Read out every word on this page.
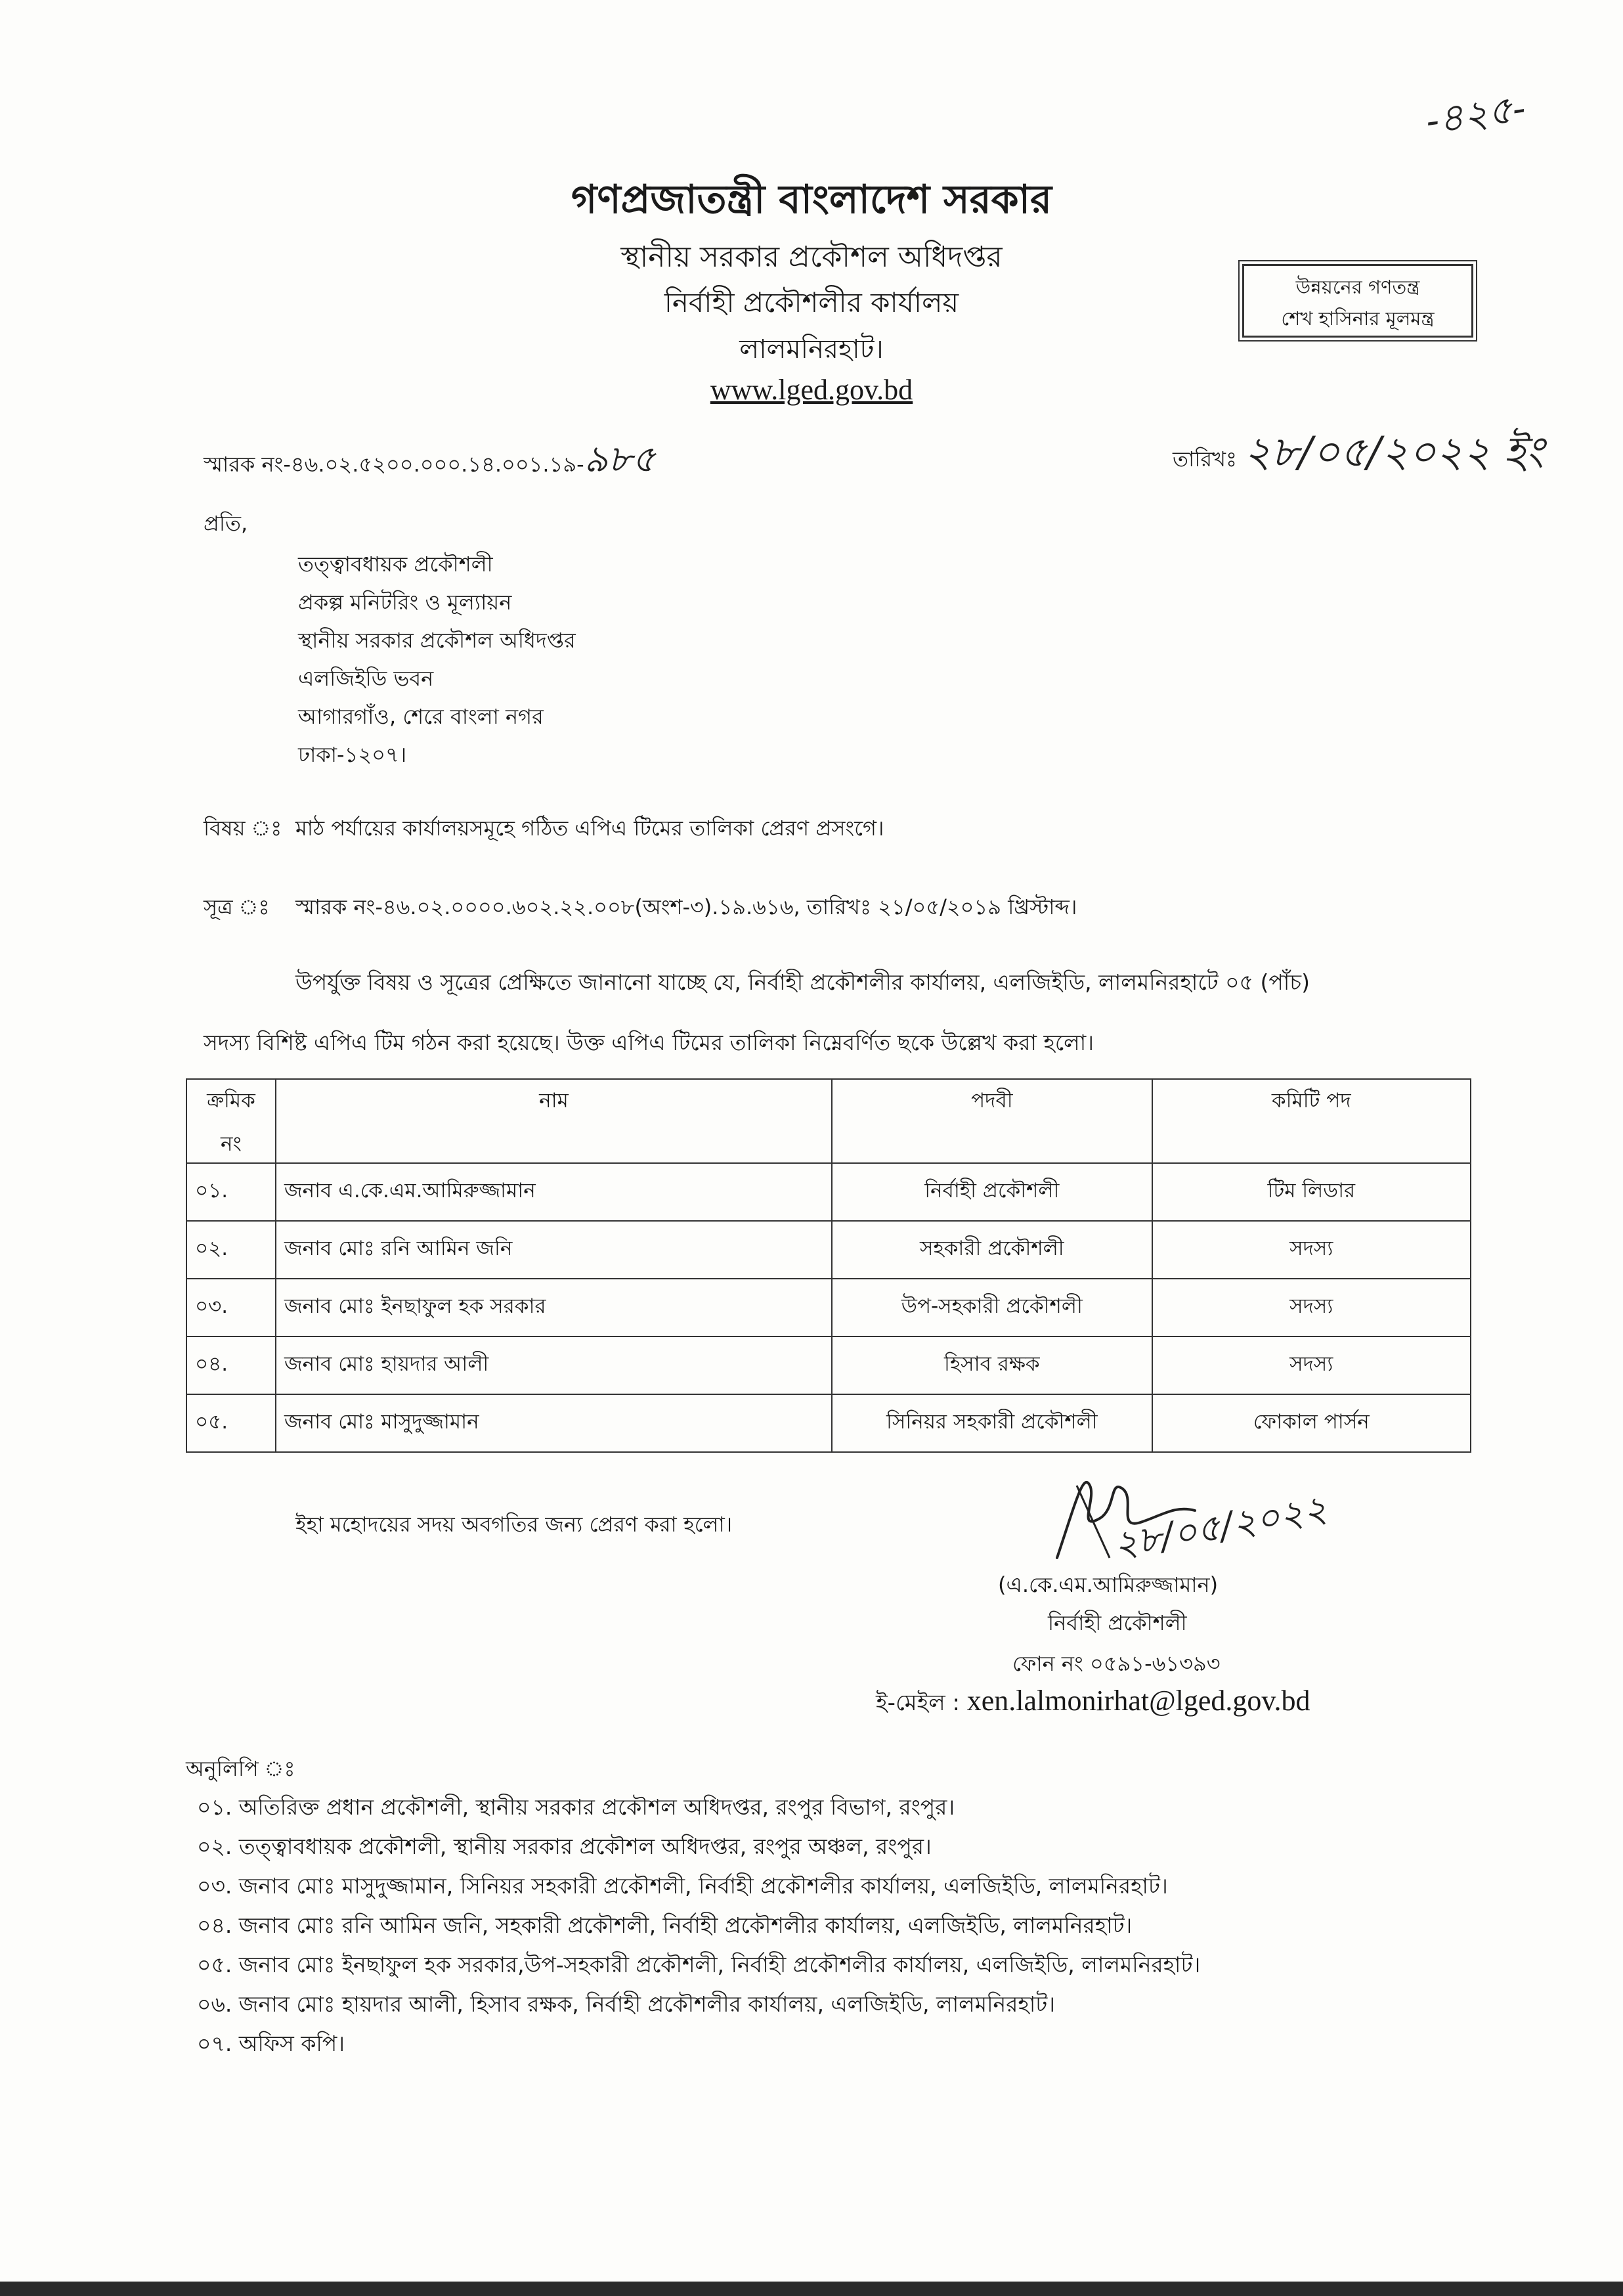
-৪২৫-
গণপ্রজাতন্ত্রী বাংলাদেশ সরকার
স্থানীয় সরকার প্রকৌশল অধিদপ্তর
নির্বাহী প্রকৌশলীর কার্যালয়
লালমনিরহাট।
www.lged.gov.bd
উন্নয়নের গণতন্ত্র
শেখ হাসিনার মূলমন্ত্র
স্মারক নং-৪৬.০২.৫২০০.০০০.১৪.০০১.১৯-৯৮৫	তারিখঃ ২৮/০৫/২০২২ ইং
প্রতি,
তত্ত্বাবধায়ক প্রকৌশলী
প্রকল্প মনিটরিং ও মূল্যায়ন
স্থানীয় সরকার প্রকৌশল অধিদপ্তর
এলজিইডি ভবন
আগারগাঁও, শেরে বাংলা নগর
ঢাকা-১২০৭।
বিষয় ঃ মাঠ পর্যায়ের কার্যালয়সমূহে গঠিত এপিএ টিমের তালিকা প্রেরণ প্রসংগে।
সূত্র ঃ স্মারক নং-৪৬.০২.০০০০.৬০২.২২.০০৮(অংশ-৩).১৯.৬১৬, তারিখঃ ২১/০৫/২০১৯ খ্রিস্টাব্দ।
উপর্যুক্ত বিষয় ও সূত্রের প্রেক্ষিতে জানানো যাচ্ছে যে, নির্বাহী প্রকৌশলীর কার্যালয়, এলজিইডি, লালমনিরহাটে ০৫ (পাঁচ)
সদস্য বিশিষ্ট এপিএ টিম গঠন করা হয়েছে। উক্ত এপিএ টিমের তালিকা নিম্নেবর্ণিত ছকে উল্লেখ করা হলো।
ক্রমিক
নং	নাম	পদবী	কমিটি পদ
০১.	জনাব এ.কে.এম.আমিরুজ্জামান	নির্বাহী প্রকৌশলী	টিম লিডার
০২.	জনাব মোঃ রনি আমিন জনি	সহকারী প্রকৌশলী	সদস্য
০৩.	জনাব মোঃ ইনছাফুল হক সরকার	উপ-সহকারী প্রকৌশলী	সদস্য
০৪.	জনাব মোঃ হায়দার আলী	হিসাব রক্ষক	সদস্য
০৫.	জনাব মোঃ মাসুদুজ্জামান	সিনিয়র সহকারী প্রকৌশলী	ফোকাল পার্সন
ইহা মহোদয়ের সদয় অবগতির জন্য প্রেরণ করা হলো।	২৮/০৫/২০২২
(এ.কে.এম.আমিরুজ্জামান)
নির্বাহী প্রকৌশলী
ফোন নং ০৫৯১-৬১৩৯৩
ই-মেইল : xen.lalmonirhat@lged.gov.bd
অনুলিপি ঃ
০১. অতিরিক্ত প্রধান প্রকৌশলী, স্থানীয় সরকার প্রকৌশল অধিদপ্তর, রংপুর বিভাগ, রংপুর।
০২. তত্ত্বাবধায়ক প্রকৌশলী, স্থানীয় সরকার প্রকৌশল অধিদপ্তর, রংপুর অঞ্চল, রংপুর।
০৩. জনাব মোঃ মাসুদুজ্জামান, সিনিয়র সহকারী প্রকৌশলী, নির্বাহী প্রকৌশলীর কার্যালয়, এলজিইডি, লালমনিরহাট।
০৪. জনাব মোঃ রনি আমিন জনি, সহকারী প্রকৌশলী, নির্বাহী প্রকৌশলীর কার্যালয়, এলজিইডি, লালমনিরহাট।
০৫. জনাব মোঃ ইনছাফুল হক সরকার,উপ-সহকারী প্রকৌশলী, নির্বাহী প্রকৌশলীর কার্যালয়, এলজিইডি, লালমনিরহাট।
০৬. জনাব মোঃ হায়দার আলী, হিসাব রক্ষক, নির্বাহী প্রকৌশলীর কার্যালয়, এলজিইডি, লালমনিরহাট।
০৭. অফিস কপি।
